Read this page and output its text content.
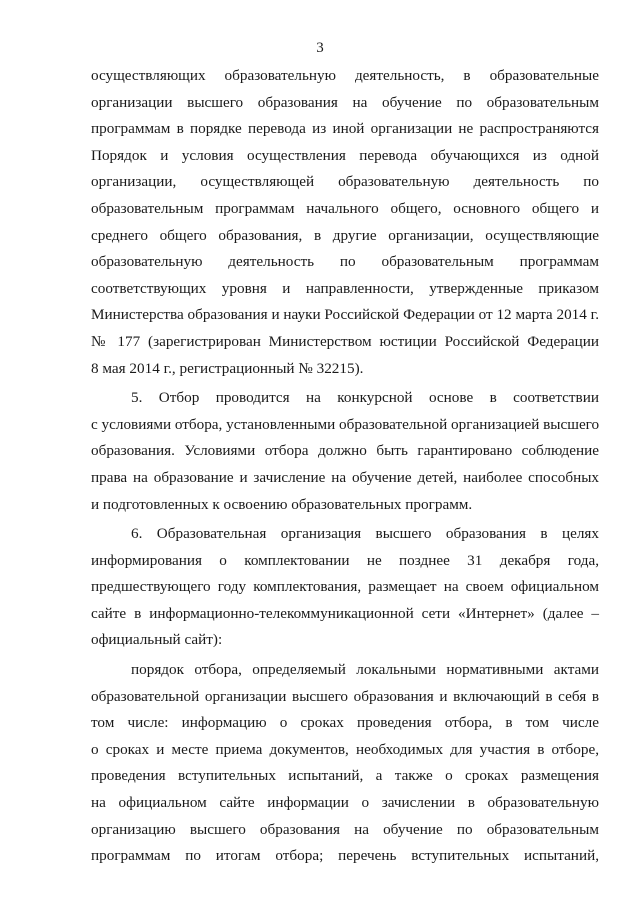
3
осуществляющих образовательную деятельность, в образовательные
организации высшего образования на обучение по образовательным
программам в порядке перевода из иной организации не распространяются
Порядок и условия осуществления перевода обучающихся из одной
организации, осуществляющей образовательную деятельность по
образовательным программам начального общего, основного общего и
среднего общего образования, в другие организации, осуществляющие
образовательную деятельность по образовательным программам
соответствующих уровня и направленности, утвержденные приказом
Министерства образования и науки Российской Федерации от 12 марта 2014 г.
№ 177 (зарегистрирован Министерством юстиции Российской Федерации
8 мая 2014 г., регистрационный № 32215).
5. Отбор проводится на конкурсной основе в соответствии
с условиями отбора, установленными образовательной организацией высшего
образования. Условиями отбора должно быть гарантировано соблюдение
права на образование и зачисление на обучение детей, наиболее способных
и подготовленных к освоению образовательных программ.
6. Образовательная организация высшего образования в целях
информирования о комплектовании не позднее 31 декабря года,
предшествующего году комплектования, размещает на своем официальном
сайте в информационно-телекоммуникационной сети «Интернет» (далее –
официальный сайт):
порядок отбора, определяемый локальными нормативными актами
образовательной организации высшего образования и включающий в себя в
том числе: информацию о сроках проведения отбора, в том числе
о сроках и месте приема документов, необходимых для участия в отборе,
проведения вступительных испытаний, а также о сроках размещения
на официальном сайте информации о зачислении в образовательную
организацию высшего образования на обучение по образовательным
программам по итогам отбора; перечень вступительных испытаний,
